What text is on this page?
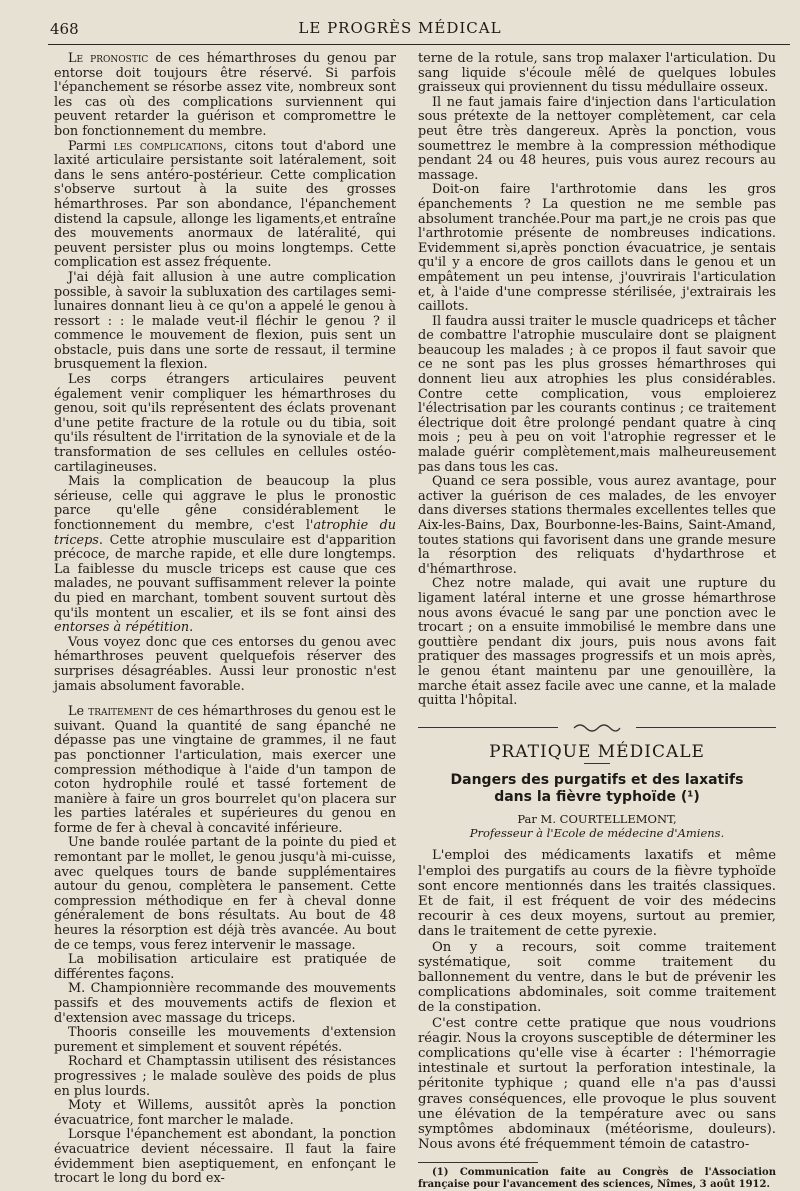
468	LE PROGRÈS MÉDICAL

Le pronostic de ces hémarthroses du genou par entorse doit toujours être réservé. Si parfois l'épanchement se résorbe assez vite, nombreux sont les cas où des complications surviennent qui peuvent retarder la guérison et compromettre le bon fonctionnement du membre.

Parmi les complications, citons tout d'abord une laxité articulaire persistante soit latéralement, soit dans le sens antéro-postérieur. Cette complication s'observe surtout à la suite des grosses hémarthroses. Par son abondance, l'épanchement distend la capsule, allonge les ligaments,et entraîne des mouvements anormaux de latéralité, qui peuvent persister plus ou moins longtemps. Cette complication est assez fréquente.

J'ai déjà fait allusion à une autre complication possible, à savoir la subluxation des cartilages semi-lunaires donnant lieu à ce qu'on a appelé le genou à ressort : : le malade veut-il fléchir le genou ? il commence le mouvement de flexion, puis sent un obstacle, puis dans une sorte de ressaut, il termine brusquement la flexion.

Les corps étrangers articulaires peuvent également venir compliquer les hémarthroses du genou, soit qu'ils représentent des éclats provenant d'une petite fracture de la rotule ou du tibia, soit qu'ils résultent de l'irritation de la synoviale et de la transformation de ses cellules en cellules ostéo-cartilagineuses.

Mais la complication de beaucoup la plus sérieuse, celle qui aggrave le plus le pronostic parce qu'elle gêne considérablement le fonctionnement du membre, c'est l'atrophie du triceps. Cette atrophie musculaire est d'apparition précoce, de marche rapide, et elle dure longtemps. La faiblesse du muscle triceps est cause que ces malades, ne pouvant suffisamment relever la pointe du pied en marchant, tombent souvent surtout dès qu'ils montent un escalier, et ils se font ainsi des entorses à répétition.

Vous voyez donc que ces entorses du genou avec hémarthroses peuvent quelquefois réserver des surprises désagréables. Aussi leur pronostic n'est jamais absolument favorable.

Le traitement de ces hémarthroses du genou est le suivant. Quand la quantité de sang épanché ne dépasse pas une vingtaine de grammes, il ne faut pas ponctionner l'articulation, mais exercer une compression méthodique à l'aide d'un tampon de coton hydrophile roulé et tassé fortement de manière à faire un gros bourrelet qu'on placera sur les parties latérales et supérieures du genou en forme de fer à cheval à concavité inférieure.

Une bande roulée partant de la pointe du pied et remontant par le mollet, le genou jusqu'à mi-cuisse, avec quelques tours de bande supplémentaires autour du genou, complètera le pansement. Cette compression méthodique en fer à cheval donne généralement de bons résultats. Au bout de 48 heures la résorption est déjà très avancée. Au bout de ce temps, vous ferez intervenir le massage.

La mobilisation articulaire est pratiquée de différentes façons.

M. Championnière recommande des mouvements passifs et des mouvements actifs de flexion et d'extension avec massage du triceps.

Thooris conseille les mouvements d'extension purement et simplement et souvent répétés.

Rochard et Champtassin utilisent des résistances progressives ; le malade soulève des poids de plus en plus lourds.

Moty et Willems, aussitôt après la ponction évacuatrice, font marcher le malade.

Lorsque l'épanchement est abondant, la ponction évacuatrice devient nécessaire. Il faut la faire évidemment bien aseptiquement, en enfonçant le trocart le long du bord ex-

terne de la rotule, sans trop malaxer l'articulation. Du sang liquide s'écoule mêlé de quelques lobules graisseux qui proviennent du tissu médullaire osseux.

Il ne faut jamais faire d'injection dans l'articulation sous prétexte de la nettoyer complètement, car cela peut être très dangereux. Après la ponction, vous soumettrez le membre à la compression méthodique pendant 24 ou 48 heures, puis vous aurez recours au massage.

Doit-on faire l'arthrotomie dans les gros épanchements ? La question ne me semble pas absolument tranchée.Pour ma part,je ne crois pas que l'arthrotomie présente de nombreuses indications. Evidemment si,après ponction évacuatrice, je sentais qu'il y a encore de gros caillots dans le genou et un empâtement un peu intense, j'ouvrirais l'articulation et, à l'aide d'une compresse stérilisée, j'extrairais les caillots.

Il faudra aussi traiter le muscle quadriceps et tâcher de combattre l'atrophie musculaire dont se plaignent beaucoup les malades ; à ce propos il faut savoir que ce ne sont pas les plus grosses hémarthroses qui donnent lieu aux atrophies les plus considérables. Contre cette complication, vous emploierez l'électrisation par les courants continus ; ce traitement électrique doit être prolongé pendant quatre à cinq mois ; peu à peu on voit l'atrophie regresser et le malade guérir complètement,mais malheureusement pas dans tous les cas.

Quand ce sera possible, vous aurez avantage, pour activer la guérison de ces malades, de les envoyer dans diverses stations thermales excellentes telles que Aix-les-Bains, Dax, Bourbonne-les-Bains, Saint-Amand, toutes stations qui favorisent dans une grande mesure la résorption des reliquats d'hydarthrose et d'hémarthrose.

Chez notre malade, qui avait une rupture du ligament latéral interne et une grosse hémarthrose nous avons évacué le sang par une ponction avec le trocart ; on a ensuite immobilisé le membre dans une gouttière pendant dix jours, puis nous avons fait pratiquer des massages progressifs et un mois après, le genou étant maintenu par une genouillère, la marche était assez facile avec une canne, et la malade quitta l'hôpital.

PRATIQUE MÉDICALE
Dangers des purgatifs et des laxatifs
dans la fièvre typhoïde (¹)
Par M. COURTELLEMONT,
Professeur à l'Ecole de médecine d'Amiens.

L'emploi des médicaments laxatifs et même l'emploi des purgatifs au cours de la fièvre typhoïde sont encore mentionnés dans les traités classiques. Et de fait, il est fréquent de voir des médecins recourir à ces deux moyens, surtout au premier, dans le traitement de cette pyrexie.

On y a recours, soit comme traitement systématique, soit comme traitement du ballonnement du ventre, dans le but de prévenir les complications abdominales, soit comme traitement de la constipation.

C'est contre cette pratique que nous voudrions réagir. Nous la croyons susceptible de déterminer les complications qu'elle vise à écarter : l'hémorragie intestinale et surtout la perforation intestinale, la péritonite typhique ; quand elle n'a pas d'aussi graves conséquences, elle provoque le plus souvent une élévation de la température avec ou sans symptômes abdominaux (météorisme, douleurs). Nous avons été fréquemment témoin de catastro-

(1) Communication faite au Congrès de l'Association française pour l'avancement des sciences, Nîmes, 3 août 1912.
